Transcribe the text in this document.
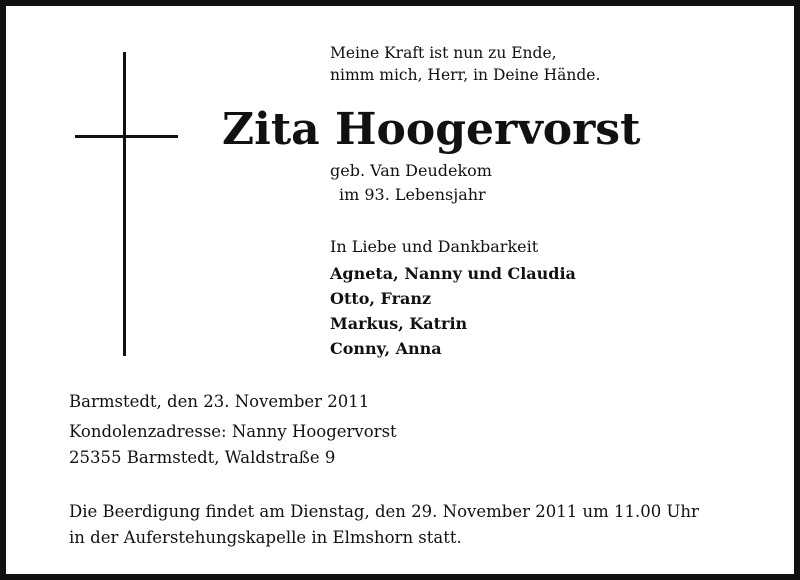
Meine Kraft ist nun zu Ende,
nimm mich, Herr, in Deine Hände.
Zita Hoogervorst
geb. Van Deudekom
im 93. Lebensjahr
In Liebe und Dankbarkeit
Agneta, Nanny und Claudia
Otto, Franz
Markus, Katrin
Conny, Anna
Barmstedt, den 23. November 2011
Kondolenzadresse: Nanny Hoogervorst
25355 Barmstedt, Waldstraße 9
Die Beerdigung findet am Dienstag, den 29. November 2011 um 11.00 Uhr
in der Auferstehungskapelle in Elmshorn statt.
